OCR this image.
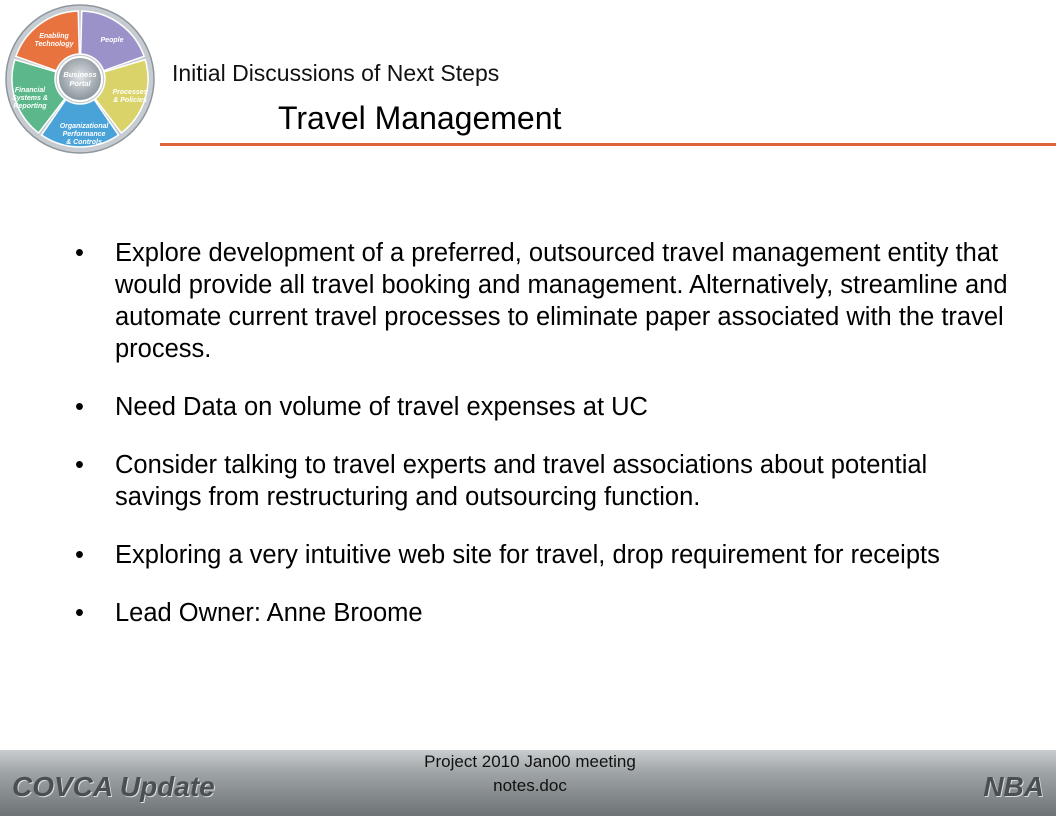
Business
Portal
Enabling Technology
People
Processes & Policies
Organizational Performance & Controls
Financial Systems & Reporting
Initial Discussions of Next Steps
Travel Management
•	Explore development of a preferred, outsourced travel management entity that would provide all travel booking and management. Alternatively, streamline and automate current travel processes to eliminate paper associated with the travel process.
•	Need Data on volume of travel expenses at UC
•	Consider talking to travel experts and travel associations about potential savings from restructuring and outsourcing function.
•	Exploring a very intuitive web site for travel, drop requirement for receipts
•	Lead Owner: Anne Broome
COVCA Update
Project 2010 Jan00 meeting
notes.doc	NBA
